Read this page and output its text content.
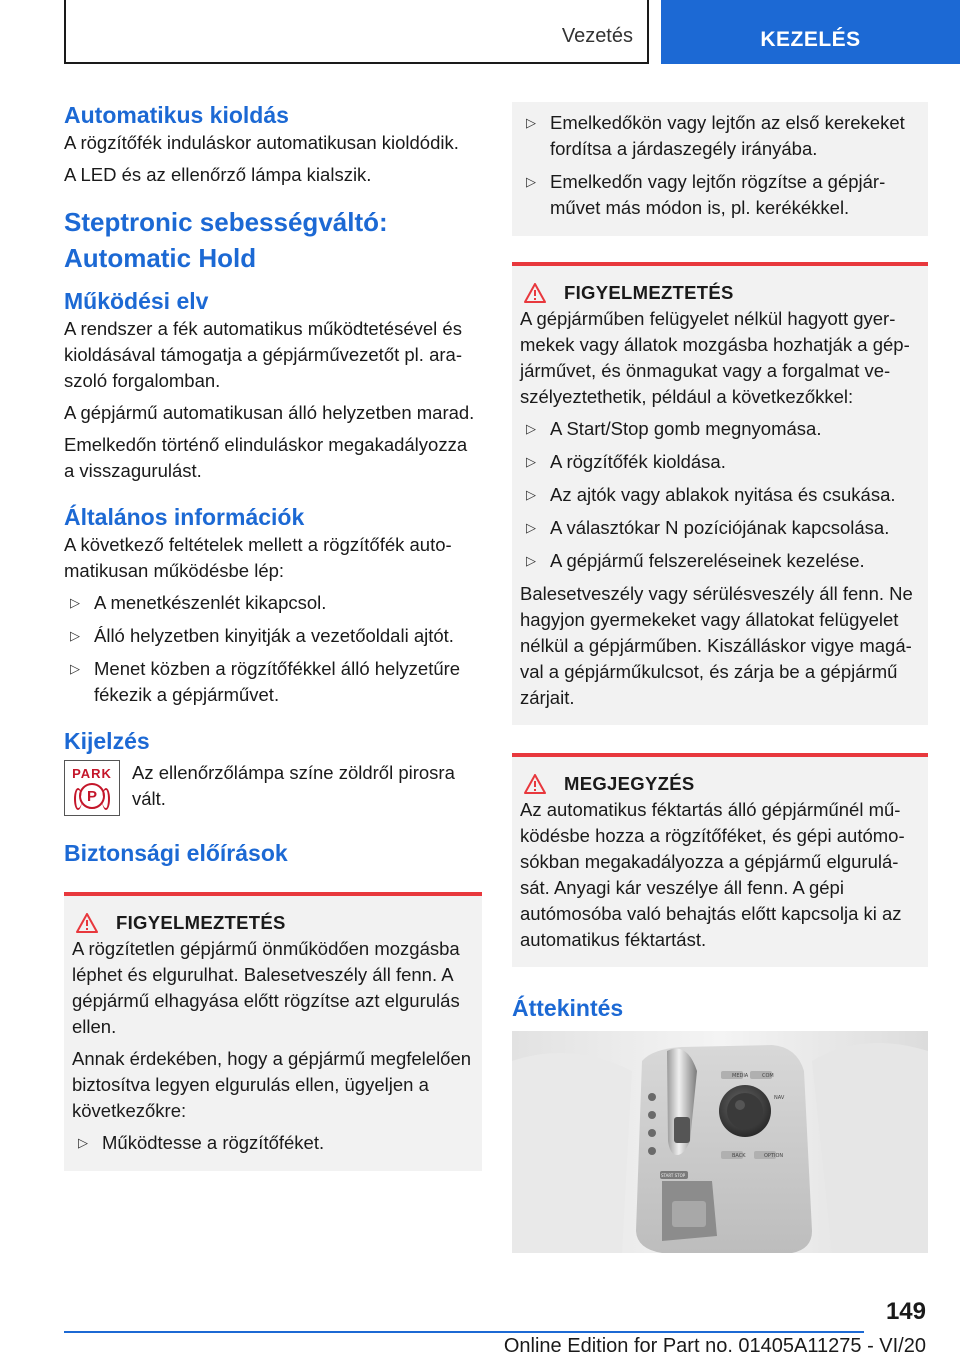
Vezetés	KEZELÉS
Automatikus kioldás

A rögzítőfék induláskor automatikusan kioldódik.

A LED és az ellenőrző lámpa kialszik.

Steptronic sebességváltó:
Automatic Hold
Működési elv

A rendszer a fék automatikus működtetésével és kioldásával támogatja a gépjárművezetőt pl. araszoló forgalomban.

A gépjármű automatikusan álló helyzetben marad.

Emelkedőn történő elinduláskor megakadályozza a visszagurulást.

Általános információk

A következő feltételek mellett a rögzítőfék automatikusan működésbe lép:

▷ A menetkészenlét kikapcsol.
▷ Álló helyzetben kinyitják a vezetőoldali ajtót.
▷ Menet közben a rögzítőfékkel álló helyzetűre fékezik a gépjárművet.
Kijelzés
PARK
P
Az ellenőrzőlámpa színe zöldről pirosra vált.
Biztonsági előírások
FIGYELMEZTETÉS

A rögzítetlen gépjármű önműködően mozgásba léphet és elgurulhat. Balesetveszély áll fenn. A gépjármű elhagyása előtt rögzítse azt elgurulás ellen.

Annak érdekében, hogy a gépjármű megfelelően biztosítva legyen elgurulás ellen, ügyeljen a következőkre:

▷ Működtesse a rögzítőféket.
▷ Emelkedőkön vagy lejtőn az első kerekeket fordítsa a járdaszegély irányába.
▷ Emelkedőn vagy lejtőn rögzítse a gépjárművet más módon is, pl. kerékékkel.
FIGYELMEZTETÉS

A gépjárműben felügyelet nélkül hagyott gyermekek vagy állatok mozgásba hozhatják a gépjárművet, és önmagukat vagy a forgalmat veszélyeztethetik, például a következőkkel:

▷ A Start/Stop gomb megnyomása.
▷ A rögzítőfék kioldása.
▷ Az ajtók vagy ablakok nyitása és csukása.
▷ A választókar N pozíciójának kapcsolása.
▷ A gépjármű felszereléseinek kezelése.

Balesetveszély vagy sérülésveszély áll fenn. Ne hagyjon gyermekeket vagy állatokat felügyelet nélkül a gépjárműben. Kiszálláskor vigye magával a gépjárműkulcsot, és zárja be a gépjármű zárjait.

MEGJEGYZÉS

Az automatikus féktartás álló gépjárműnél működésbe hozza a rögzítőféket, és gépi autómosókban megakadályozza a gépjármű elgurulását. Anyagi kár veszélye áll fenn. A gépi autómosóba való behajtás előtt kapcsolja ki az automatikus féktartást.

Áttekintés
MEDIA	COM
NAV
BACK	OPTION
START STOP
149
Online Edition for Part no. 01405A11275 - VI/20
